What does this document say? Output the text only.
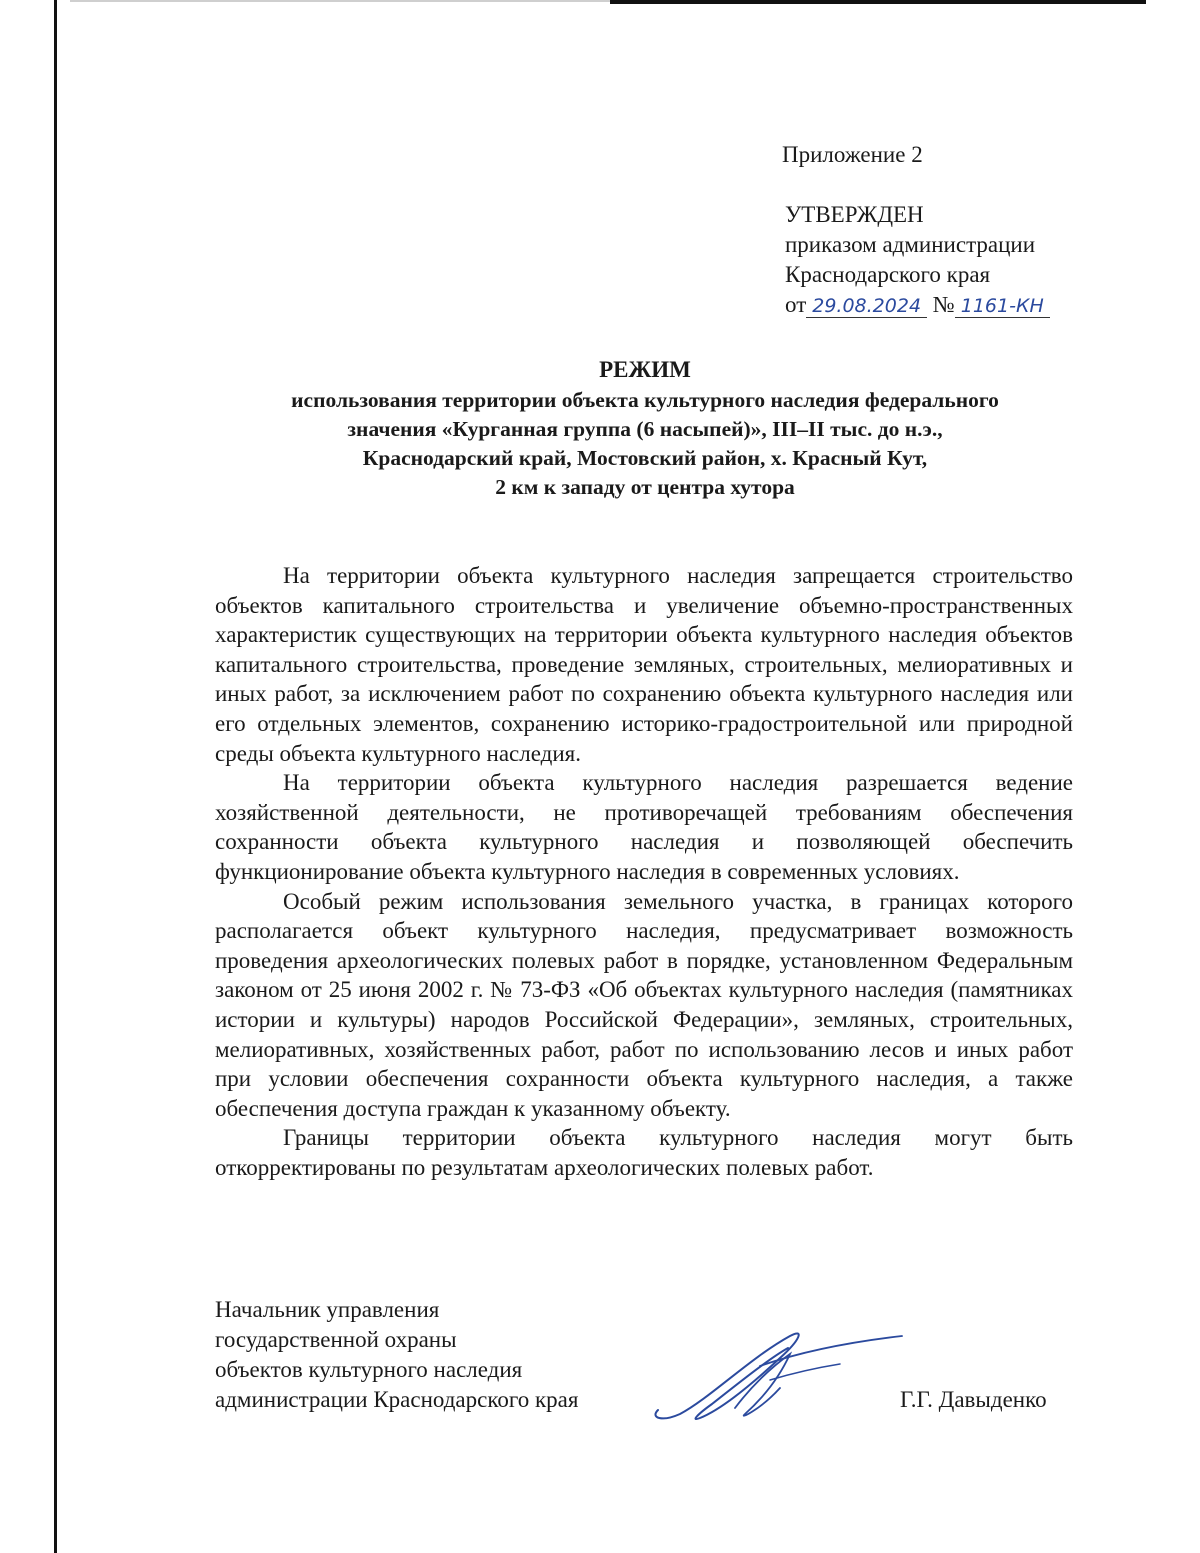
Приложение 2
УТВЕРЖДЕН
приказом администрации
Краснодарского края
от 29.08.2024 № 1161-КН
РЕЖИМ
использования территории объекта культурного наследия федерального
значения «Курганная группа (6 насыпей)», III–II тыс. до н.э.,
Краснодарский край, Мостовский район, х. Красный Кут,
2 км к западу от центра хутора

На территории объекта культурного наследия запрещается строительство объектов капитального строительства и увеличение объемно-пространственных характеристик существующих на территории объекта культурного наследия объектов капитального строительства, проведение земляных, строительных, мелиоративных и иных работ, за исключением работ по сохранению объекта культурного наследия или его отдельных элементов, сохранению историко-градостроительной или природной среды объекта культурного наследия.

На территории объекта культурного наследия разрешается ведение хозяйственной деятельности, не противоречащей требованиям обеспечения сохранности объекта культурного наследия и позволяющей обеспечить функционирование объекта культурного наследия в современных условиях.

Особый режим использования земельного участка, в границах которого располагается объект культурного наследия, предусматривает возможность проведения археологических полевых работ в порядке, установленном Федеральным законом от 25 июня 2002 г. № 73-ФЗ «Об объектах культурного наследия (памятниках истории и культуры) народов Российской Федерации», земляных, строительных, мелиоративных, хозяйственных работ, работ по использованию лесов и иных работ при условии обеспечения сохранности объекта культурного наследия, а также обеспечения доступа граждан к указанному объекту.

Границы территории объекта культурного наследия могут быть откорректированы по результатам археологических полевых работ.

Начальник управления
государственной охраны
объектов культурного наследия
администрации Краснодарского края	Г.Г. Давыденко
